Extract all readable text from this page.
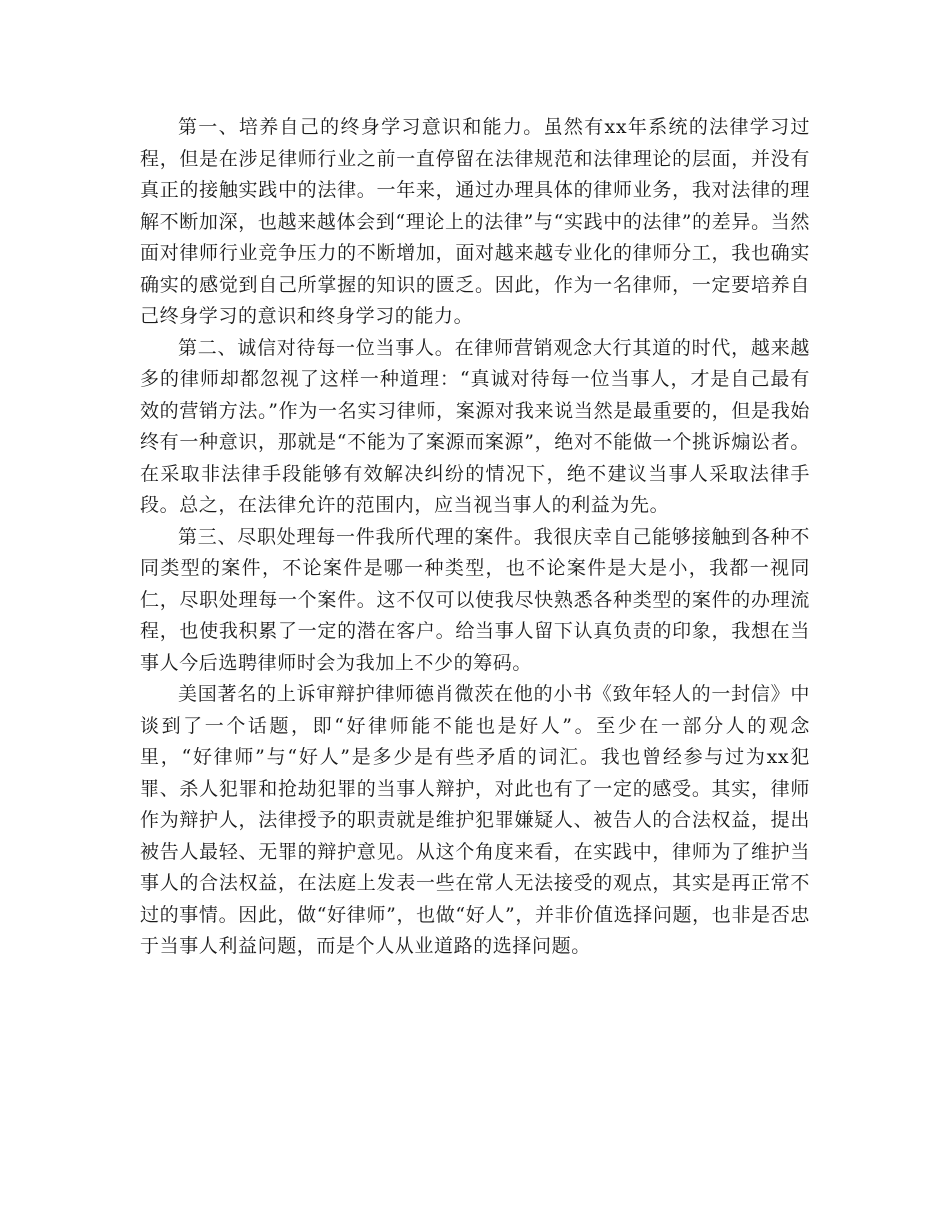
第一、培养自己的终身学习意识和能力。虽然有xx年系统的法律学习过程，但是在涉足律师行业之前一直停留在法律规范和法律理论的层面，并没有真正的接触实践中的法律。一年来，通过办理具体的律师业务，我对法律的理解不断加深，也越来越体会到“理论上的法律”与“实践中的法律”的差异。当然面对律师行业竞争压力的不断增加，面对越来越专业化的律师分工，我也确实确实的感觉到自己所掌握的知识的匮乏。因此，作为一名律师，一定要培养自己终身学习的意识和终身学习的能力。

第二、诚信对待每一位当事人。在律师营销观念大行其道的时代，越来越多的律师却都忽视了这样一种道理：“真诚对待每一位当事人，才是自己最有效的营销方法。”作为一名实习律师，案源对我来说当然是最重要的，但是我始终有一种意识，那就是“不能为了案源而案源”，绝对不能做一个挑诉煽讼者。在采取非法律手段能够有效解决纠纷的情况下，绝不建议当事人采取法律手段。总之，在法律允许的范围内，应当视当事人的利益为先。

第三、尽职处理每一件我所代理的案件。我很庆幸自己能够接触到各种不同类型的案件，不论案件是哪一种类型，也不论案件是大是小，我都一视同仁，尽职处理每一个案件。这不仅可以使我尽快熟悉各种类型的案件的办理流程，也使我积累了一定的潜在客户。给当事人留下认真负责的印象，我想在当事人今后选聘律师时会为我加上不少的筹码。

美国著名的上诉审辩护律师德肖微茨在他的小书《致年轻人的一封信》中谈到了一个话题，即“好律师能不能也是好人”。至少在一部分人的观念里，“好律师”与“好人”是多少是有些矛盾的词汇。我也曾经参与过为xx犯罪、杀人犯罪和抢劫犯罪的当事人辩护，对此也有了一定的感受。其实，律师作为辩护人，法律授予的职责就是维护犯罪嫌疑人、被告人的合法权益，提出被告人最轻、无罪的辩护意见。从这个角度来看，在实践中，律师为了维护当事人的合法权益，在法庭上发表一些在常人无法接受的观点，其实是再正常不过的事情。因此，做“好律师”，也做“好人”，并非价值选择问题，也非是否忠于当事人利益问题，而是个人从业道路的选择问题。
